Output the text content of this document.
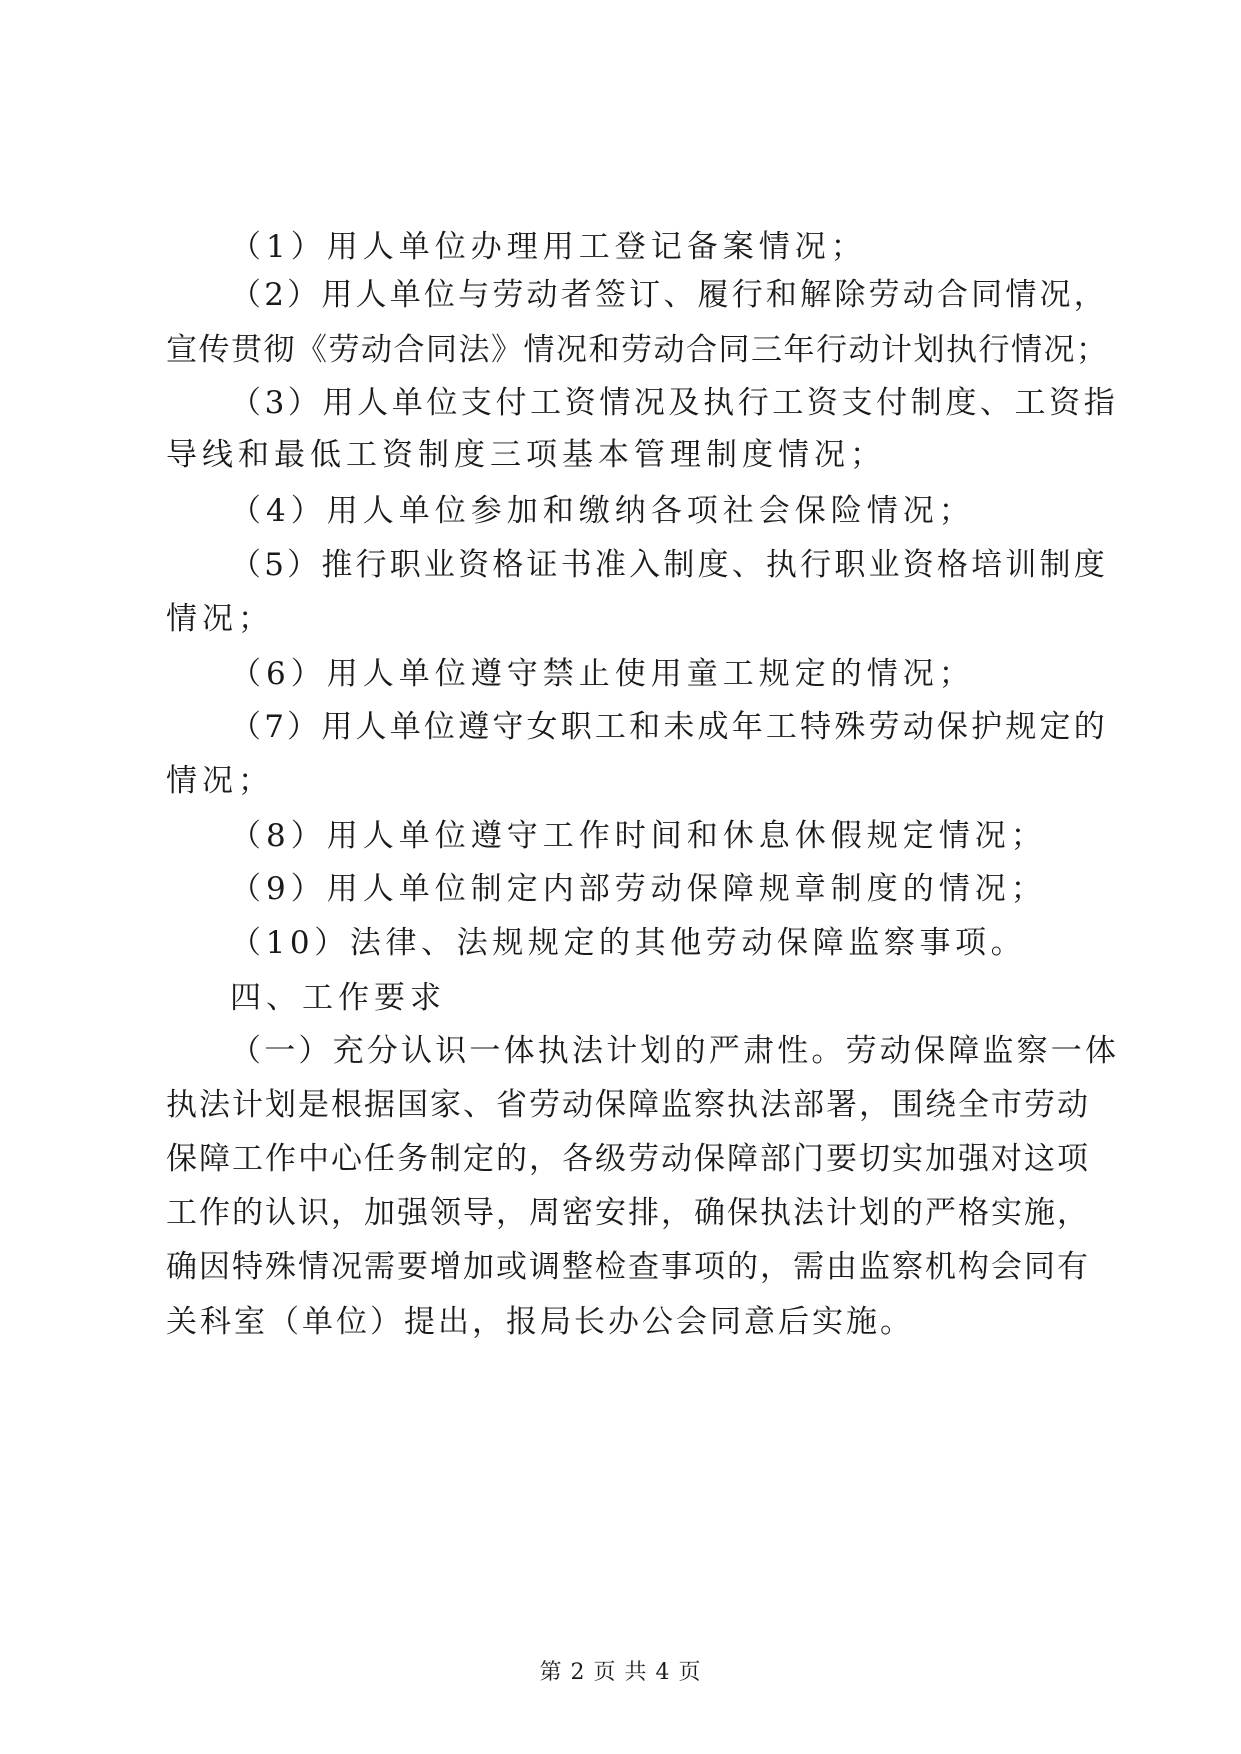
（1）用人单位办理用工登记备案情况；
（2）用人单位与劳动者签订、履行和解除劳动合同情况，
宣传贯彻《劳动合同法》情况和劳动合同三年行动计划执行情况；
（3）用人单位支付工资情况及执行工资支付制度、工资指
导线和最低工资制度三项基本管理制度情况；
（4）用人单位参加和缴纳各项社会保险情况；
（5）推行职业资格证书准入制度、执行职业资格培训制度
情况；
（6）用人单位遵守禁止使用童工规定的情况；
（7）用人单位遵守女职工和未成年工特殊劳动保护规定的
情况；
（8）用人单位遵守工作时间和休息休假规定情况；
（9）用人单位制定内部劳动保障规章制度的情况；
（10）法律、法规规定的其他劳动保障监察事项。
四、工作要求
（一）充分认识一体执法计划的严肃性。劳动保障监察一体
执法计划是根据国家、省劳动保障监察执法部署，围绕全市劳动
保障工作中心任务制定的，各级劳动保障部门要切实加强对这项
工作的认识，加强领导，周密安排，确保执法计划的严格实施，
确因特殊情况需要增加或调整检查事项的，需由监察机构会同有
关科室（单位）提出，报局长办公会同意后实施。
第 2 页 共 4 页
